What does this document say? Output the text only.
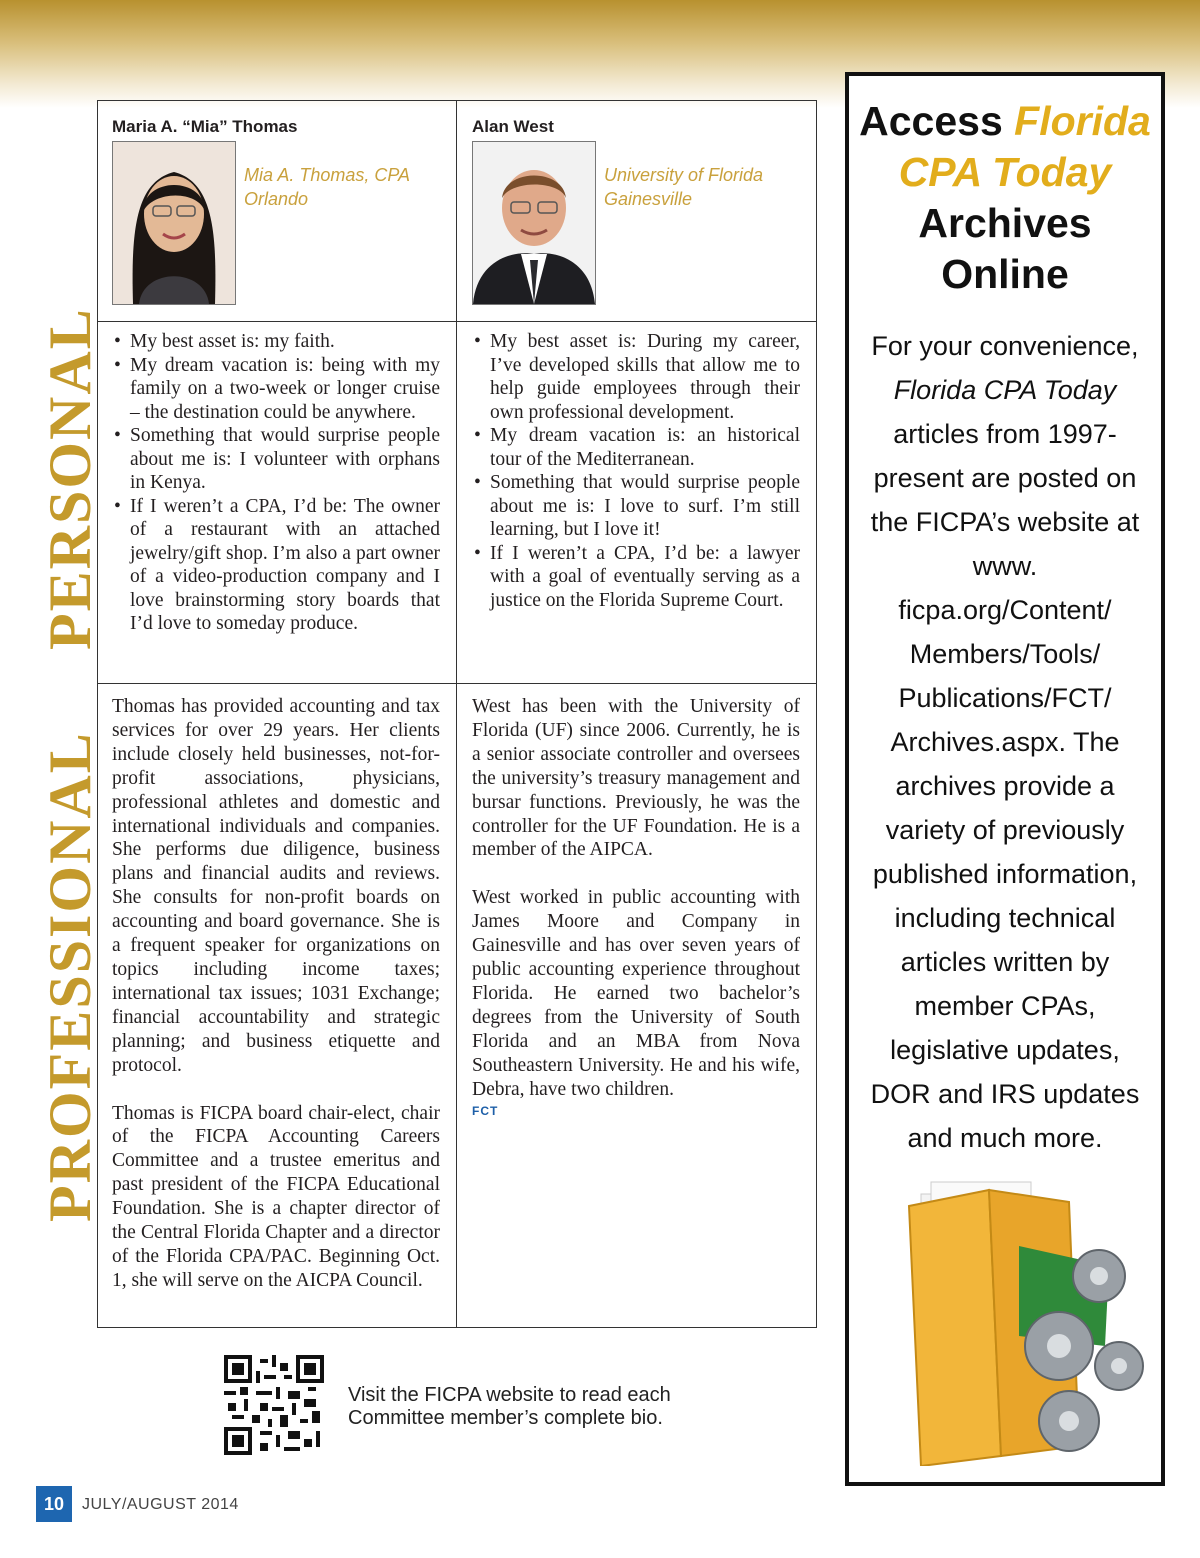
PERSONAL
PROFESSIONAL
Maria A. “Mia” Thomas
Mia A. Thomas, CPA
Orlando
Alan West
University of Florida
Gainesville
• My best asset is: my faith.
• My dream vacation is: being with my family on a two-week or longer cruise – the destination could be anywhere.
• Something that would surprise people about me is: I volunteer with orphans in Kenya.
• If I weren’t a CPA, I’d be: The owner of a restaurant with an attached jewelry/gift shop. I’m also a part owner of a video-production company and I love brainstorming story boards that I’d love to someday produce.
• My best asset is: During my career, I’ve developed skills that allow me to help guide employees through their own professional development.
• My dream vacation is: an historical tour of the Mediterranean.
• Something that would surprise people about me is: I love to surf. I’m still learning, but I love it!
• If I weren’t a CPA, I’d be: a lawyer with a goal of eventually serving as a justice on the Florida Supreme Court.

Thomas has provided accounting and tax services for over 29 years. Her clients include closely held businesses, not-for-profit associations, physicians, professional athletes and domestic and international individuals and companies. She performs due diligence, business plans and financial audits and reviews. She consults for non-profit boards on accounting and board governance. She is a frequent speaker for organizations on topics including income taxes; international tax issues; 1031 Exchange; financial accountability and strategic planning; and business etiquette and protocol.

Thomas is FICPA board chair-elect, chair of the FICPA Accounting Careers Committee and a trustee emeritus and past president of the FICPA Educational Foundation. She is a chapter director of the Central Florida Chapter and a director of the Florida CPA/PAC. Beginning Oct. 1, she will serve on the AICPA Council.

West has been with the University of Florida (UF) since 2006. Currently, he is a senior associate controller and oversees the university’s treasury management and bursar functions. Previously, he was the controller for the UF Foundation. He is a member of the AIPCA.

West worked in public accounting with James Moore and Company in Gainesville and has over seven years of public accounting experience throughout Florida. He earned two bachelor’s degrees from the University of South Florida and an MBA from Nova Southeastern University. He and his wife, Debra, have two children.

FCT
Access Florida CPA Today
Archives Online
For your convenience, Florida CPA Today articles from 1997-present are posted on the FICPA’s website at www. ficpa.org/Content/ Members/Tools/ Publications/FCT/ Archives.aspx. The archives provide a variety of previously published information, including technical articles written by member CPAs, legislative updates, DOR and IRS updates and much more.
Visit the FICPA website to read each
Committee member’s complete bio.
10	JULY/AUGUST 2014
